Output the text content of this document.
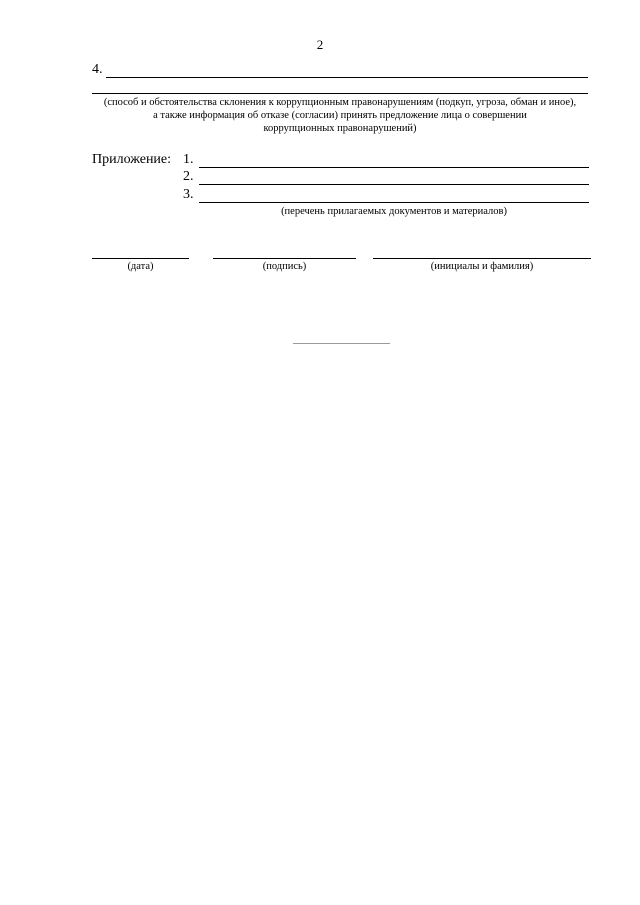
2
4.
(способ и обстоятельства склонения к коррупционным правонарушениям (подкуп, угроза, обман и иное),
а также информация об отказе (согласии) принять предложение лица о совершении
коррупционных правонарушений)
Приложение: 1.
2.
3.
(перечень прилагаемых документов и материалов)
(дата)	(подпись)	(инициалы и фамилия)
